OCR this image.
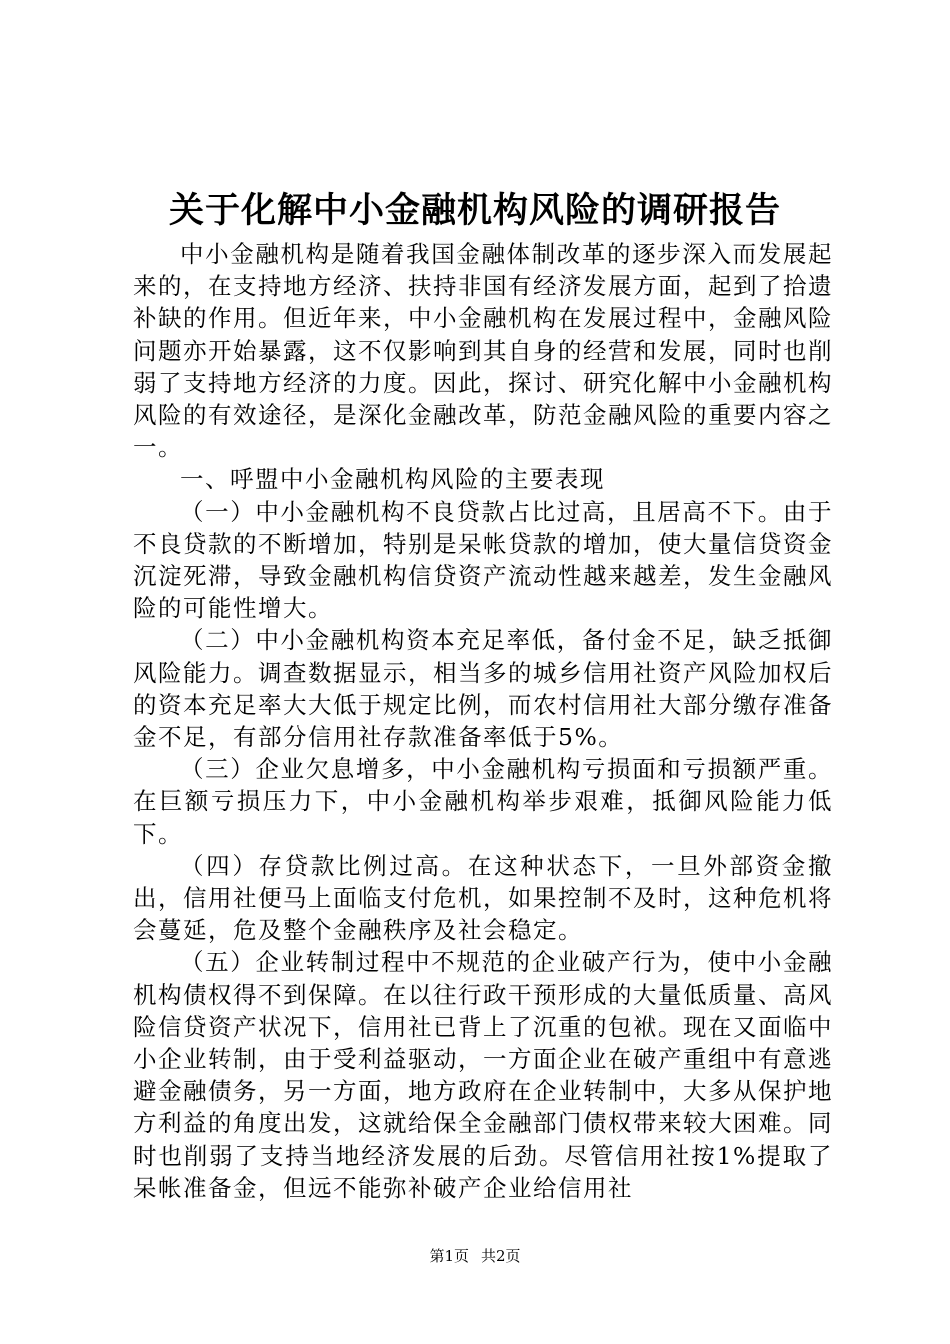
关于化解中小金融机构风险的调研报告

中小金融机构是随着我国金融体制改革的逐步深入而发展起来的，在支持地方经济、扶持非国有经济发展方面，起到了拾遗补缺的作用。但近年来，中小金融机构在发展过程中，金融风险问题亦开始暴露，这不仅影响到其自身的经营和发展，同时也削弱了支持地方经济的力度。因此，探讨、研究化解中小金融机构风险的有效途径，是深化金融改革，防范金融风险的重要内容之一。

一、呼盟中小金融机构风险的主要表现

（一）中小金融机构不良贷款占比过高，且居高不下。由于不良贷款的不断增加，特别是呆帐贷款的增加，使大量信贷资金沉淀死滞，导致金融机构信贷资产流动性越来越差，发生金融风险的可能性增大。

（二）中小金融机构资本充足率低，备付金不足，缺乏抵御风险能力。调查数据显示，相当多的城乡信用社资产风险加权后的资本充足率大大低于规定比例，而农村信用社大部分缴存准备金不足，有部分信用社存款准备率低于5%。

（三）企业欠息增多，中小金融机构亏损面和亏损额严重。在巨额亏损压力下，中小金融机构举步艰难，抵御风险能力低下。

（四）存贷款比例过高。在这种状态下，一旦外部资金撤出，信用社便马上面临支付危机，如果控制不及时，这种危机将会蔓延，危及整个金融秩序及社会稳定。

（五）企业转制过程中不规范的企业破产行为，使中小金融机构债权得不到保障。在以往行政干预形成的大量低质量、高风险信贷资产状况下，信用社已背上了沉重的包袱。现在又面临中小企业转制，由于受利益驱动，一方面企业在破产重组中有意逃避金融债务，另一方面，地方政府在企业转制中，大多从保护地方利益的角度出发，这就给保全金融部门债权带来较大困难。同时也削弱了支持当地经济发展的后劲。尽管信用社按1%提取了呆帐准备金，但远不能弥补破产企业给信用社

第1页 共2页
